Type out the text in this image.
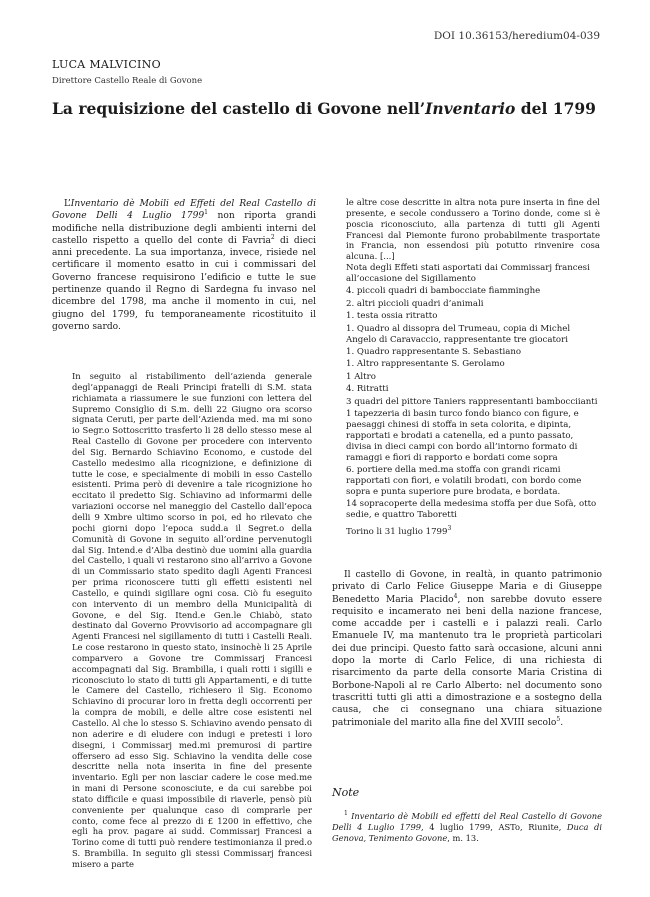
DOI 10.36153/heredium04-039
LUCA MALVICINO
Direttore Castello Reale di Govone
La requisizione del castello di Govone nell’Inventario del 1799

L’Inventario dè Mobili ed Effeti del Real Castello di Govone Delli 4 Luglio 1799$^1$ non riporta grandi modifiche nella distribuzione degli ambienti interni del castello rispetto a quello del conte di Favria$^2$ di dieci anni precedente. La sua importanza, invece, risiede nel certificare il momento esatto in cui i commissari del Governo francese requisirono l’edificio e tutte le sue pertinenze quando il Regno di Sardegna fu invaso nel dicembre del 1798, ma anche il momento in cui, nel giugno del 1799, fu temporaneamente ricostituito il governo sardo.

In seguito al ristabilimento dell’azienda generale degl’appanaggi de Reali Principi fratelli di S.M. stata richiamata a riassumere le sue funzioni con lettera del Supremo Consiglio di S.m. delli 22 Giugno ora scorso signata Ceruti, per parte dell’Azienda med. ma mi sono io Segr.o Sottoscritto trasferto li 28 dello stesso mese al Real Castello di Govone per procedere con intervento del Sig. Bernardo Schiavino Economo, e custode del Castello medesimo alla ricognizione, e definizione di tutte le cose, e specialmente di mobili in esso Castello esistenti. Prima però di devenire a tale ricognizione ho eccitato il predetto Sig. Schiavino ad informarmi delle variazioni occorse nel maneggio del Castello dall’epoca delli 9 Xmbre ultimo scorso in poi, ed ho rilevato che pochi giorni dopo l’epoca sudd.a il Segret.o della Comunità di Govone in seguito all’ordine pervenutogli dal Sig. Intend.e d’Alba destinò due uomini alla guardia del Castello, i quali vi restarono sino all’arrivo a Govone di un Commissario stato spedito dagli Agenti Francesi per prima riconoscere tutti gli effetti esistenti nel Castello, e quindi sigillare ogni cosa. Ciò fu eseguito con intervento di un membro della Municipalità di Govone, e del Sig. Itend.e Gen.le Chiabò, stato destinato dal Governo Provvisorio ad accompagnare gli Agenti Francesi nel sigillamento di tutti i Castelli Reali. Le cose restarono in questo stato, insinochè li 25 Aprile comparvero a Govone tre Commissarj Francesi accompagnati dal Sig. Brambilla, i quali rotti i sigilli e riconosciuto lo stato di tutti gli Appartamenti, e di tutte le Camere del Castello, richiesero il Sig. Economo Schiavino di procurar loro in fretta degli occorrenti per la compra de mobili, e delle altre cose esistenti nel Castello. Al che lo stesso S. Schiavino avendo pensato di non aderire e di eludere con indugi e pretesti i loro disegni, i Commissarj med.mi premurosi di partire offersero ad esso Sig. Schiavino la vendita delle cose descritte nella nota inserita in fine del presente inventario. Egli per non lasciar cadere le cose med.me in mani di Persone sconosciute, e da cui sarebbe poi stato difficile e quasi impossibile di riaverle, pensò più conveniente per qualunque caso di comprarle per conto, come fece al prezzo di £ 1200 in effettivo, che egli ha prov. pagare ai sudd. Commissarj Francesi a Torino come di tutti può rendere testimonianza il pred.o S. Brambilla. In seguito gli stessi Commissarj francesi misero a parte

le altre cose descritte in altra nota pure inserta in fine del presente, e secole condussero a Torino donde, come si è poscia riconosciuto, alla partenza di tutti gli Agenti Francesi dal Piemonte furono probabilmente trasportate in Francia, non essendosi più potutto rinvenire cosa alcuna. [...]

Nota degli Effeti stati asportati dai Commissarj francesi all’occasione del Sigillamento

4. piccoli quadri di bambocciate fiamminghe

2. altri piccioli quadri d’animali

1. testa ossia ritratto

1. Quadro al dissopra del Trumeau, copia di Michel Angelo di Caravaccio, rappresentante tre giocatori

1. Quadro rappresentante S. Sebastiano

1. Altro rappresentante S. Gerolamo

1 Altro

4. Ritratti

3 quadri del pittore Taniers rappresentanti bambocciianti

1 tapezzeria di basin turco fondo bianco con figure, e paesaggi chinesi di stoffa in seta colorita, e dipinta, rapportati e brodati a catenella, ed a punto passato, divisa in dieci campi con bordo all’intorno formato di ramaggi e fiori di rapporto e bordati come sopra

6. portiere della med.ma stoffa con grandi ricami rapportati con fiori, e volatili brodati, con bordo come sopra e punta superiore pure brodata, e bordata.

14 sopracoperte della medesima stoffa per due Sofà, otto sedie, e quattro Taboretti

Torino li 31 luglio 1799$^3$

Il castello di Govone, in realtà, in quanto patrimonio privato di Carlo Felice Giuseppe Maria e di Giuseppe Benedetto Maria Placido$^4$, non sarebbe dovuto essere requisito e incamerato nei beni della nazione francese, come accadde per i castelli e i palazzi reali. Carlo Emanuele IV, ma mantenuto tra le proprietà particolari dei due principi. Questo fatto sarà occasione, alcuni anni dopo la morte di Carlo Felice, di una richiesta di risarcimento da parte della consorte Maria Cristina di Borbone-Napoli al re Carlo Alberto: nel documento sono trascritti tutti gli atti a dimostrazione e a sostegno della causa, che ci consegnano una chiara situazione patrimoniale del marito alla fine del XVIII secolo$^5$.

Note

$^1$ Inventario dè Mobili ed effetti del Real Castello di Govone Delli 4 Luglio 1799, 4 luglio 1799, ASTo, Riunite, Duca di Genova, Tenimento Govone, m. 13.
